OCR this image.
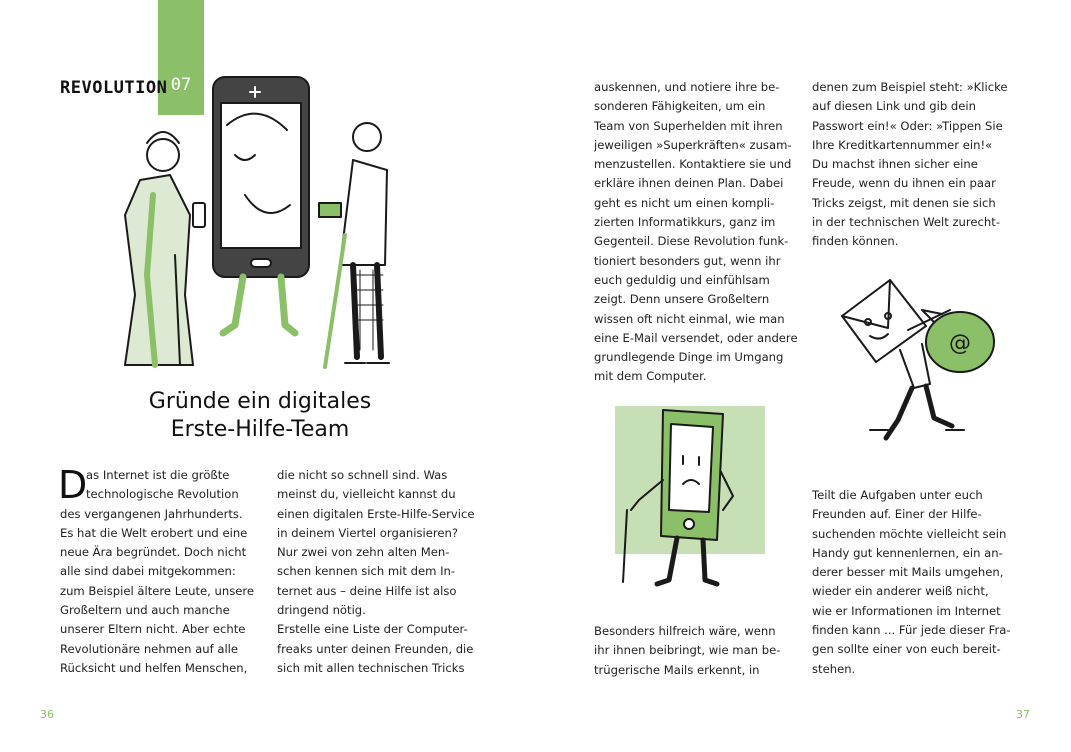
07
REVOLUTION
Gründe ein digitales
Erste-Hilfe-Team
D
as Internet ist die größte
technologische Revolution
des vergangenen Jahrhunderts.
Es hat die Welt erobert und eine
neue Ära begründet. Doch nicht
alle sind dabei mitgekommen:
zum Beispiel ältere Leute, unsere
Großeltern und auch manche
unserer Eltern nicht. Aber echte
Revolutionäre nehmen auf alle
Rücksicht und helfen Menschen,
die nicht so schnell sind. Was
meinst du, vielleicht kannst du
einen digitalen Erste-Hilfe-Service
in deinem Viertel organisieren?
Nur zwei von zehn alten Men-
schen kennen sich mit dem In-
ternet aus – deine Hilfe ist also
dringend nötig.
Erstelle eine Liste der Computer-
freaks unter deinen Freunden, die
sich mit allen technischen Tricks
auskennen, und notiere ihre be-
sonderen Fähigkeiten, um ein
Team von Superhelden mit ihren
jeweiligen »Superkräften« zusam-
menzustellen. Kontaktiere sie und
erkläre ihnen deinen Plan. Dabei
geht es nicht um einen kompli-
zierten Informatikkurs, ganz im
Gegenteil. Diese Revolution funk-
tioniert besonders gut, wenn ihr
euch geduldig und einfühlsam
zeigt. Denn unsere Großeltern
wissen oft nicht einmal, wie man
eine E-Mail versendet, oder andere
grundlegende Dinge im Umgang
mit dem Computer.
Besonders hilfreich wäre, wenn
ihr ihnen beibringt, wie man be-
trügerische Mails erkennt, in
denen zum Beispiel steht: »Klicke
auf diesen Link und gib dein
Passwort ein!« Oder: »Tippen Sie
Ihre Kreditkartennummer ein!«
Du machst ihnen sicher eine
Freude, wenn du ihnen ein paar
Tricks zeigst, mit denen sie sich
in der technischen Welt zurecht-
finden können.
@
Teilt die Aufgaben unter euch
Freunden auf. Einer der Hilfe-
suchenden möchte vielleicht sein
Handy gut kennenlernen, ein an-
derer besser mit Mails umgehen,
wieder ein anderer weiß nicht,
wie er Informationen im Internet
finden kann ... Für jede dieser Fra-
gen sollte einer von euch bereit-
stehen.
36	37
